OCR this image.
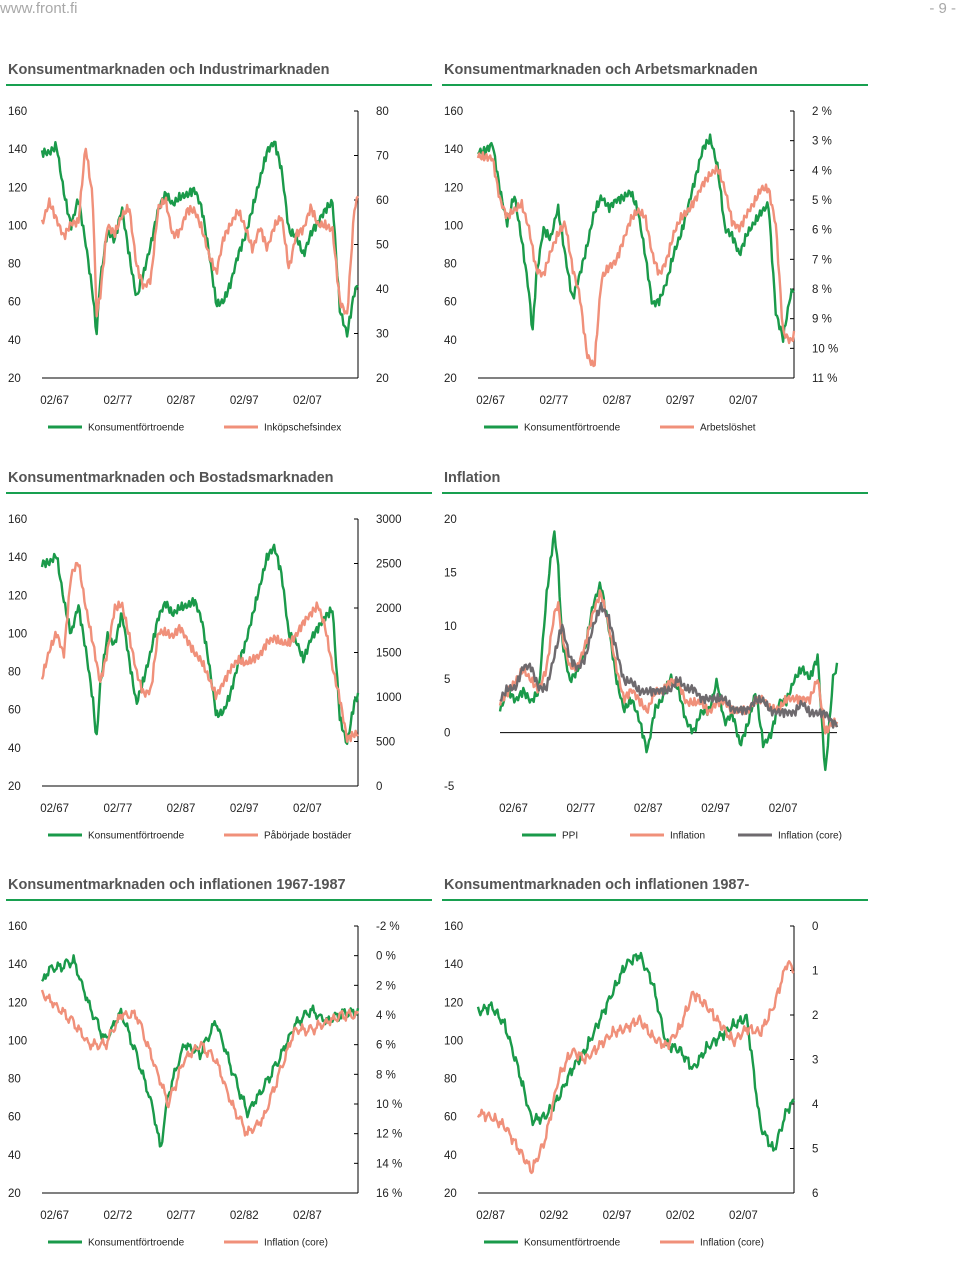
www.front.fi	- 9 -
Konsumentmarknaden och Industrimarknaden
160
140
120
100
80
60
40
20
80
70
60
50
40
30
20
02/67	02/77	02/87	02/97	02/07
Konsumentförtroende	Inköpschefsindex
Konsumentmarknaden och Arbetsmarknaden
160
140
120
100
80
60
40
20
2 %
3 %
4 %
5 %
6 %
7 %
8 %
9 %
10 %
11 %
02/67	02/77	02/87	02/97	02/07
Konsumentförtroende	Arbetslöshet
Konsumentmarknaden och Bostadsmarknaden
160
140
120
100
80
60
40
20
3000
2500
2000
1500
1000
500
0
02/67	02/77	02/87	02/97	02/07
Konsumentförtroende	Påbörjade bostäder
Inflation
20
15
10
5
0
-5
02/67	02/77	02/87	02/97	02/07
PPI	Inflation	Inflation (core)
Konsumentmarknaden och inflationen 1967-1987
160
140
120
100
80
60
40
20
-2 %
0 %
2 %
4 %
6 %
8 %
10 %
12 %
14 %
16 %
02/67	02/72	02/77	02/82	02/87
Konsumentförtroende	Inflation (core)
Konsumentmarknaden och inflationen 1987-
160
140
120
100
80
60
40
20
0
1
2
3
4
5
6
02/87	02/92	02/97	02/02	02/07
Konsumentförtroende	Inflation (core)
